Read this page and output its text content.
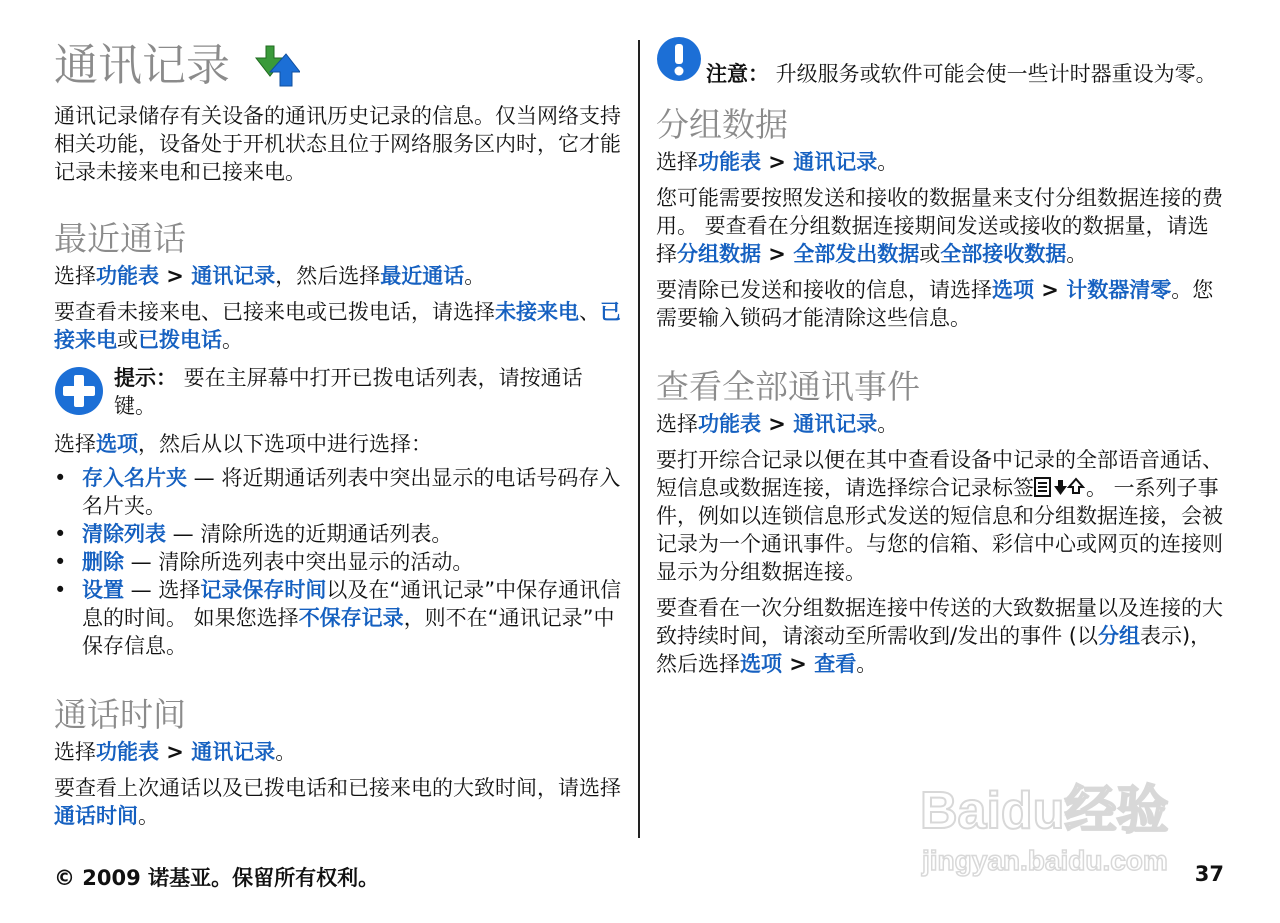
通讯记录

通讯记录储存有关设备的通讯历史记录的信息。仅当网络支持相关功能，设备处于开机状态且位于网络服务区内时，它才能记录未接来电和已接来电。

最近通话

选择功能表 > 通讯记录，然后选择最近通话。

要查看未接来电、已接来电或已拨电话，请选择未接来电、已接来电或已拨电话。

提示： 要在主屏幕中打开已拨电话列表，请按通话键。

选择选项，然后从以下选项中进行选择：

• 存入名片夹 — 将近期通话列表中突出显示的电话号码存入名片夹。
• 清除列表 — 清除所选的近期通话列表。
• 删除 — 清除所选列表中突出显示的活动。
• 设置 — 选择记录保存时间以及在“通讯记录”中保存通讯信息的时间。 如果您选择不保存记录，则不在“通讯记录”中保存信息。
通话时间

选择功能表 > 通讯记录。

要查看上次通话以及已拨电话和已接来电的大致时间，请选择通话时间。

注意： 升级服务或软件可能会使一些计时器重设为零。

分组数据

选择功能表 > 通讯记录。

您可能需要按照发送和接收的数据量来支付分组数据连接的费用。 要查看在分组数据连接期间发送或接收的数据量，请选择分组数据 > 全部发出数据或全部接收数据。

要清除已发送和接收的信息，请选择选项 > 计数器清零。您需要输入锁码才能清除这些信息。

查看全部通讯事件

选择功能表 > 通讯记录。

要打开综合记录以便在其中查看设备中记录的全部语音通话、短信息或数据连接，请选择综合记录标签 。 一系列子事件，例如以连锁信息形式发送的短信息和分组数据连接，会被记录为一个通讯事件。与您的信箱、彩信中心或网页的连接则显示为分组数据连接。

要查看在一次分组数据连接中传送的大致数据量以及连接的大致持续时间，请滚动至所需收到/发出的事件 (以分组表示)，然后选择选项 > 查看。

Baidu经验
jingyan.baidu.com
© 2009 诺基亚。保留所有权利。	37
